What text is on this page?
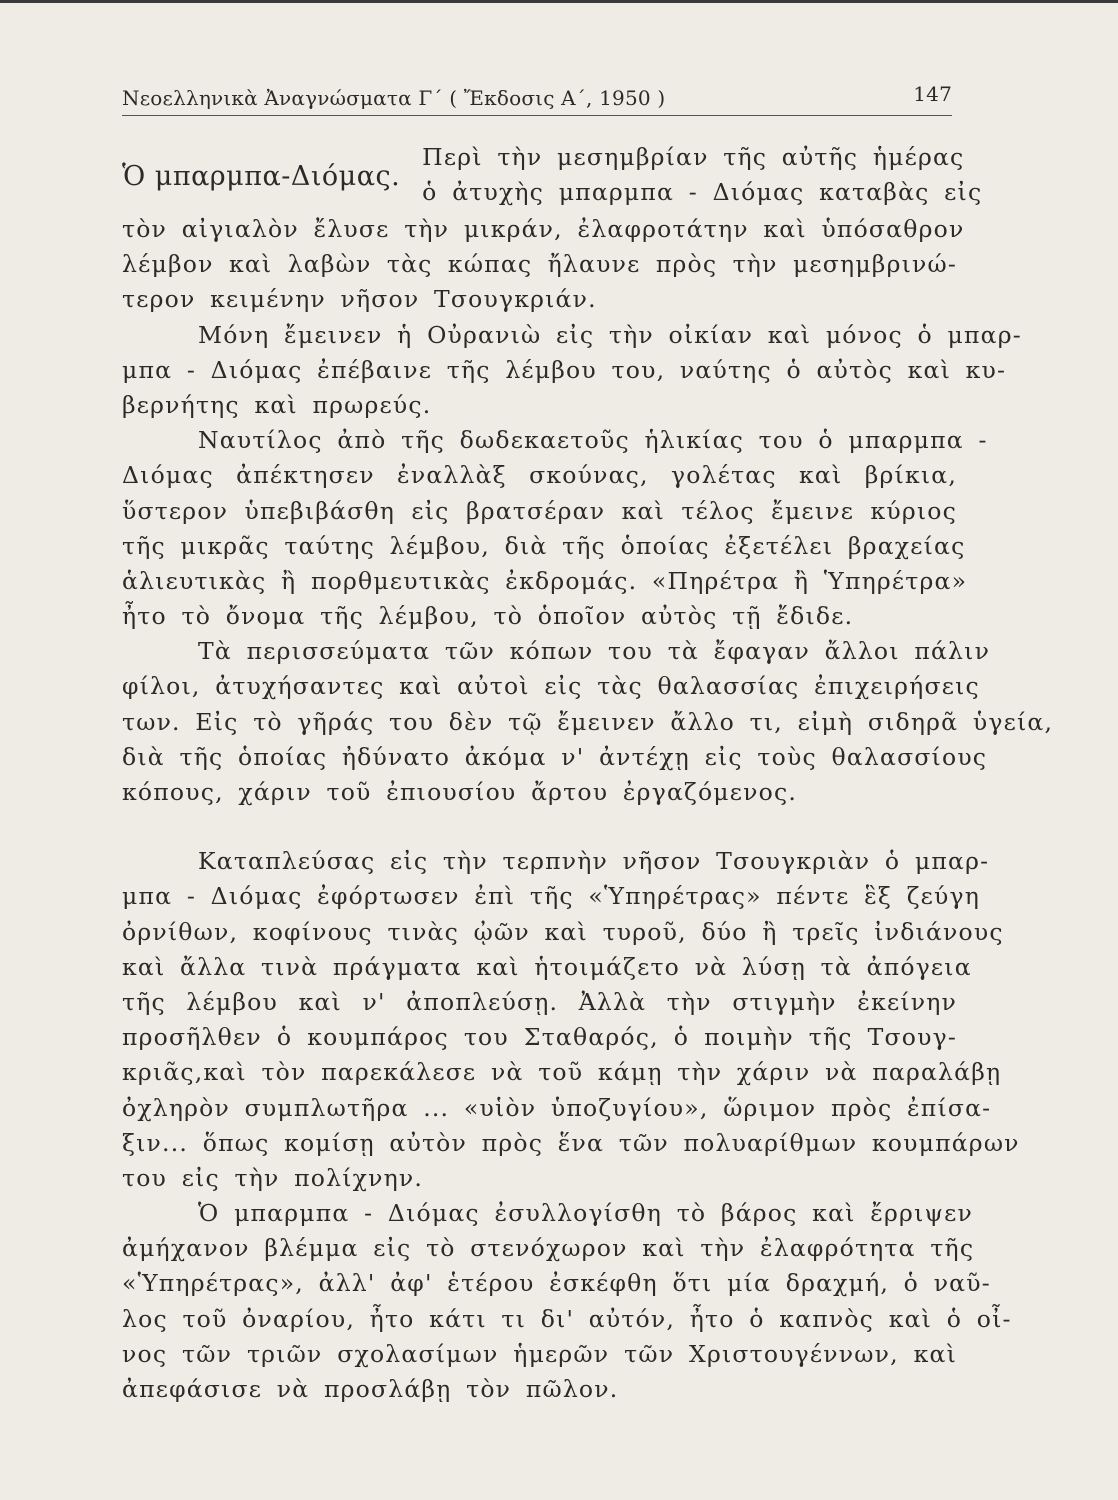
Νεοελληνικὰ Ἀναγνώσματα Γ΄ ( Ἔκδοσις Α΄, 1950 )	147
Ὁ μπαρμπα-Διόμας.
Περὶ τὴν μεσημβρίαν τῆς αὐτῆς ἡμέρας
ὁ ἀτυχὴς μπαρμπα - Διόμας καταβὰς εἰς
τὸν αἰγιαλὸν ἔλυσε τὴν μικράν, ἐλαφροτάτην καὶ ὑπόσαθρον
λέμβον καὶ λαβὼν τὰς κώπας ἤλαυνε πρὸς τὴν μεσημβρινώ-
τερον κειμένην νῆσον Τσουγκριάν.
Μόνη ἔμεινεν ἡ Οὐρανιὼ εἰς τὴν οἰκίαν καὶ μόνος ὁ μπαρ-
μπα - Διόμας ἐπέβαινε τῆς λέμβου του, ναύτης ὁ αὐτὸς καὶ κυ-
βερνήτης καὶ πρωρεύς.
Ναυτίλος ἀπὸ τῆς δωδεκαετοῦς ἡλικίας του ὁ μπαρμπα -
Διόμας ἀπέκτησεν ἐναλλὰξ σκούνας, γολέτας καὶ βρίκια,
ὕστερον ὑπεβιβάσθη εἰς βρατσέραν καὶ τέλος ἔμεινε κύριος
τῆς μικρᾶς ταύτης λέμβου, διὰ τῆς ὁποίας ἐξετέλει βραχείας
ἁλιευτικὰς ἢ πορθμευτικὰς ἐκδρομάς. «Πηρέτρα ἢ Ὑπηρέτρα»
ἦτο τὸ ὄνομα τῆς λέμβου, τὸ ὁποῖον αὐτὸς τῇ ἔδιδε.
Τὰ περισσεύματα τῶν κόπων του τὰ ἔφαγαν ἄλλοι πάλιν
φίλοι, ἀτυχήσαντες καὶ αὐτοὶ εἰς τὰς θαλασσίας ἐπιχειρήσεις
των. Εἰς τὸ γῆράς του δὲν τῷ ἔμεινεν ἄλλο τι, εἰμὴ σιδηρᾶ ὑγεία,
διὰ τῆς ὁποίας ἠδύνατο ἀκόμα ν' ἀντέχῃ εἰς τοὺς θαλασσίους
κόπους, χάριν τοῦ ἐπιουσίου ἄρτου ἐργαζόμενος.
Καταπλεύσας εἰς τὴν τερπνὴν νῆσον Τσουγκριὰν ὁ μπαρ-
μπα - Διόμας ἐφόρτωσεν ἐπὶ τῆς «Ὑπηρέτρας» πέντε ἓξ ζεύγη
ὀρνίθων, κοφίνους τινὰς ᾠῶν καὶ τυροῦ, δύο ἢ τρεῖς ἰνδιάνους
καὶ ἄλλα τινὰ πράγματα καὶ ἡτοιμάζετο νὰ λύσῃ τὰ ἀπόγεια
τῆς λέμβου καὶ ν' ἀποπλεύσῃ. Ἀλλὰ τὴν στιγμὴν ἐκείνην
προσῆλθεν ὁ κουμπάρος του Σταθαρός, ὁ ποιμὴν τῆς Τσουγ-
κριᾶς,καὶ τὸν παρεκάλεσε νὰ τοῦ κάμῃ τὴν χάριν νὰ παραλάβῃ
ὀχληρὸν συμπλωτῆρα ... «υἱὸν ὑποζυγίου», ὥριμον πρὸς ἐπίσα-
ξιν... ὅπως κομίσῃ αὐτὸν πρὸς ἕνα τῶν πολυαρίθμων κουμπάρων
του εἰς τὴν πολίχνην.
Ὁ μπαρμπα - Διόμας ἐσυλλογίσθη τὸ βάρος καὶ ἔρριψεν
ἀμήχανον βλέμμα εἰς τὸ στενόχωρον καὶ τὴν ἐλαφρότητα τῆς
«Ὑπηρέτρας», ἀλλ' ἀφ' ἑτέρου ἐσκέφθη ὅτι μία δραχμή, ὁ ναῦ-
λος τοῦ ὀναρίου, ἦτο κάτι τι δι' αὐτόν, ἦτο ὁ καπνὸς καὶ ὁ οἶ-
νος τῶν τριῶν σχολασίμων ἡμερῶν τῶν Χριστουγέννων, καὶ
ἀπεφάσισε νὰ προσλάβῃ τὸν πῶλον.
